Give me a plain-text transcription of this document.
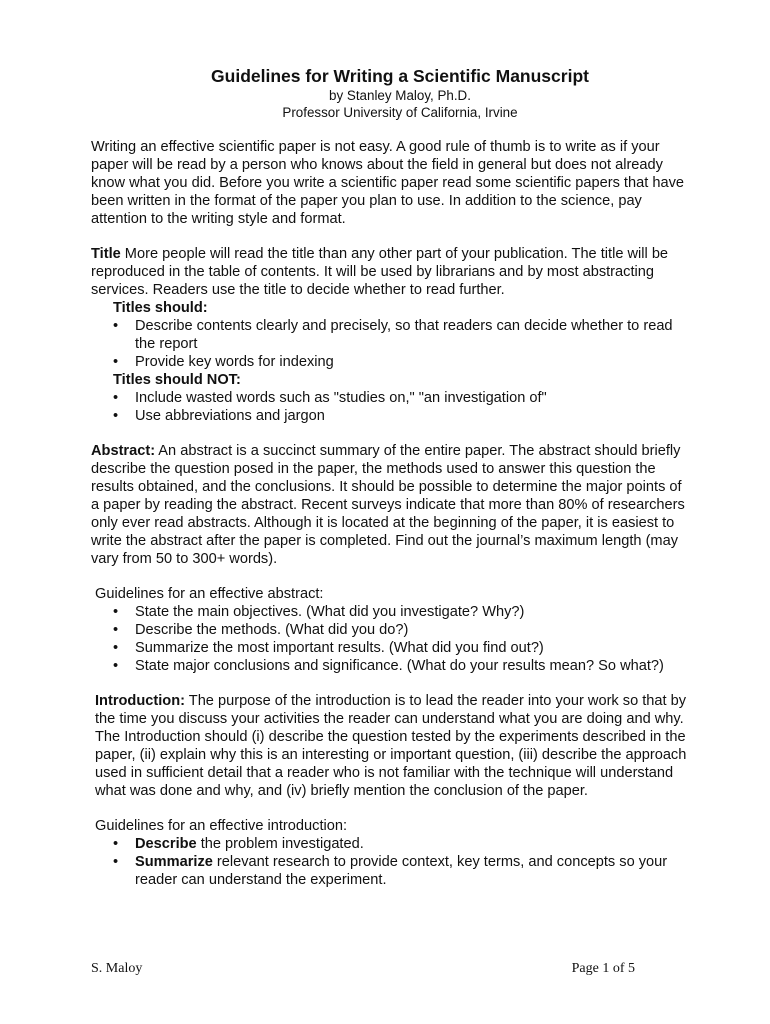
Guidelines for Writing a Scientific Manuscript

by Stanley Maloy, Ph.D.

Professor University of California, Irvine

Writing an effective scientific paper is not easy. A good rule of thumb is to write as if your paper will be read by a person who knows about the field in general but does not already know what you did. Before you write a scientific paper read some scientific papers that have been written in the format of the paper you plan to use. In addition to the science, pay attention to the writing style and format.

Title More people will read the title than any other part of your publication. The title will be reproduced in the table of contents. It will be used by librarians and by most abstracting services. Readers use the title to decide whether to read further.

Titles should:

•	Describe contents clearly and precisely, so that readers can decide whether to read the report
•	Provide key words for indexing

Titles should NOT:

•	Include wasted words such as "studies on," "an investigation of"
•	Use abbreviations and jargon

Abstract: An abstract is a succinct summary of the entire paper. The abstract should briefly describe the question posed in the paper, the methods used to answer this question the results obtained, and the conclusions. It should be possible to determine the major points of a paper by reading the abstract. Recent surveys indicate that more than 80% of researchers only ever read abstracts. Although it is located at the beginning of the paper, it is easiest to write the abstract after the paper is completed. Find out the journal’s maximum length (may vary from 50 to 300+ words).

Guidelines for an effective abstract:

•	State the main objectives. (What did you investigate? Why?)
•	Describe the methods. (What did you do?)
•	Summarize the most important results. (What did you find out?)
•	State major conclusions and significance. (What do your results mean? So what?)

Introduction: The purpose of the introduction is to lead the reader into your work so that by the time you discuss your activities the reader can understand what you are doing and why. The Introduction should (i) describe the question tested by the experiments described in the paper, (ii) explain why this is an interesting or important question, (iii) describe the approach used in sufficient detail that a reader who is not familiar with the technique will understand what was done and why, and (iv) briefly mention the conclusion of the paper.

Guidelines for an effective introduction:

•	Describe the problem investigated.
•	Summarize relevant research to provide context, key terms, and concepts so your reader can understand the experiment.
S. Maloy	Page 1 of 5
